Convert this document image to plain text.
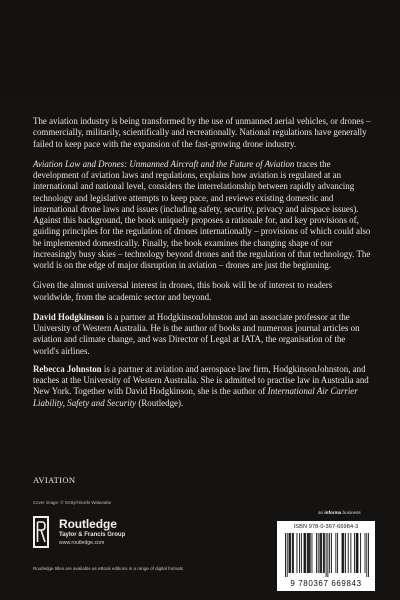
The aviation industry is being transformed by the use of unmanned aerial vehicles, or drones – commercially, militarily, scientifically and recreationally. National regulations have generally failed to keep pace with the expansion of the fast-growing drone industry.

Aviation Law and Drones: Unmanned Aircraft and the Future of Aviation traces the development of aviation laws and regulations, explains how aviation is regulated at an international and national level, considers the interrelationship between rapidly advancing technology and legislative attempts to keep pace, and reviews existing domestic and international drone laws and issues (including safety, security, privacy and airspace issues). Against this background, the book uniquely proposes a rationale for, and key provisions of, guiding principles for the regulation of drones internationally – provisions of which could also be implemented domestically. Finally, the book examines the changing shape of our increasingly busy skies – technology beyond drones and the regulation of that technology. The world is on the edge of major disruption in aviation – drones are just the beginning.

Given the almost universal interest in drones, this book will be of interest to readers worldwide, from the academic sector and beyond.

David Hodgkinson is a partner at HodgkinsonJohnston and an associate professor at the University of Western Australia. He is the author of books and numerous journal articles on aviation and climate change, and was Director of Legal at IATA, the organisation of the world's airlines.

Rebecca Johnston is a partner at aviation and aerospace law firm, HodgkinsonJohnston, and teaches at the University of Western Australia. She is admitted to practise law in Australia and New York. Together with David Hodgkinson, she is the author of International Air Carrier Liability, Safety and Security (Routledge).

AVIATION
Cover image: © Getty/Hiroshi Watanabe
Routledge
Taylor & Francis Group
www.routledge.com
Routledge titles are available as eBook editions in a range of digital formats
an informa business
ISBN 978-0-367-66984-3
9 780367 669843
